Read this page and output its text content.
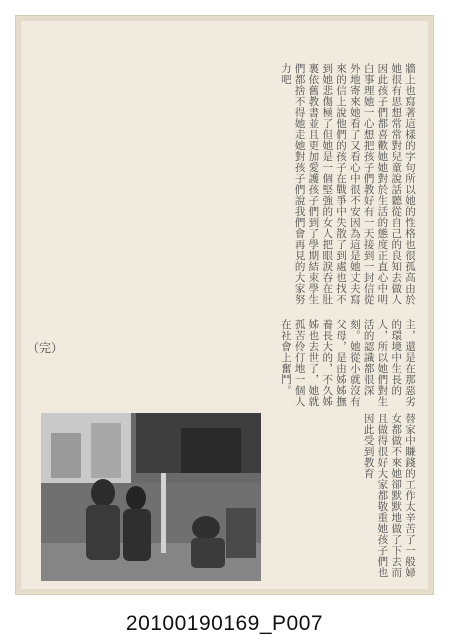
牆上也寫著這樣的字句所以她的性格也很孤高由於她很有思想常常對兒童說話聽從自己的良知去做人因此孩子們都喜歡她她對於生活的態度正直心中明白事理她一心想把孩子們教好有一天接到一封信從外地寄來她看了又看心中很不安因為這是她丈夫寫來的信上說他們的孩子在戰爭中失散了到處也找不到她悲傷極了但她是一個堅強的女人把眼淚吞在肚裏依舊教書並且更加愛護孩子們到了學期結束學生們都捨不得她走她對孩子們說我們會再見的大家努力吧
主，還是在那惡劣的環境中生長的人，所以她們對生活的認識都很深刻。她從小就沒有父母，是由姊姊撫養長大的，不久姊姊也去世了，她就孤苦伶仃地一個人在社會上奮鬥。
替家中賺錢的工作太辛苦了一般婦女都做不來她卻默默地做了下去而且做得很好大家都敬重她孩子們也因此受到教育
（完）
20100190169_P007
